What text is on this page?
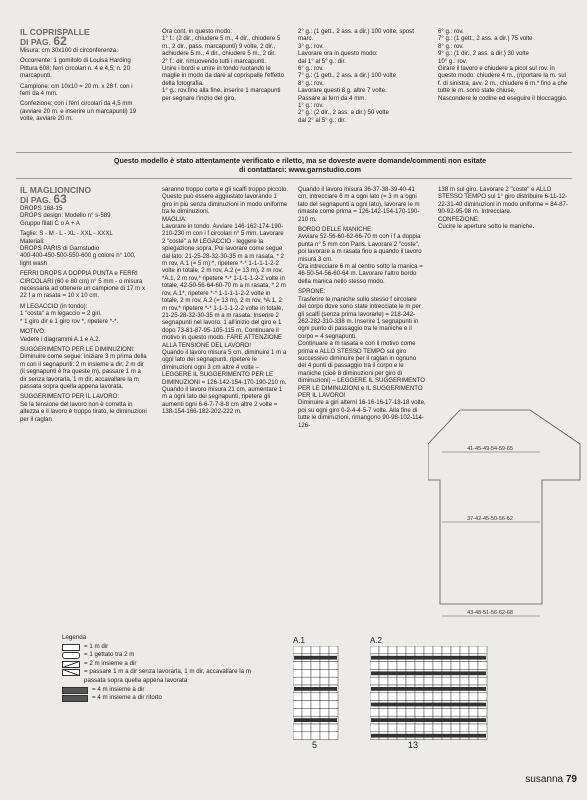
IL COPRISPALLE
DI PAG. 62

Misura: cm 30x100 di circonferenza.

Occorrente: 1 gomitolo di Louisa Harding Pittura 608; ferri circolari n. 4 e 4,5; n. 20 marcapunti.

Campione: cm 10x10 = 20 m. x 28 f. con i ferri da 4 mm.

Confezione: con i ferri circolari da 4,5 mm (avviare 20 m. e inserire un marcapunti) 19 volte, avviare 20 m.

Ora cont. in questo modo:
1° f.: (2 dir., chiudere 5 m., 4 dir., chiudere 5 m., 2 dir., pass. marcapunti) 9 volte, 2 dir., achiudere 5 m., 4 dir., chiudere 5 m., 2 dir.
2° f.: dir. rimuovendo tutti i marcapunti.
Unire i bordi e unire in tondo ruotando le maglie in modo da dare al coprispalle l'effetto della fotografia.
1° g.: rov.fino alla fine, inserire 1 marcapunti per segnare l'inizio del giro.

2° g.: (1 gett., 2 ass. a dir.) 100 volte, spost marc.
3° g.: rov.
Lavorare ora in questo modo:
dal 1° al 5° g.: dir.
6° g.: rov.
7° g.: (1 gett., 2 ass. a dir.) 100 volte
8° g.: rov.
Lavorare questi 8 g. altre 7 volte.
Passare ai ferri da 4 mm.
1° g.: rov.
2° g.: (2 dir., 2 ass. a dir.) 50 volte
dal 2° al 5° g.: dir.

6° g.: rov.
7° g.: (1 gett., 2 ass. a dir.) 75 volte
8° g.: rov.
9° g.: (1 dir., 2 ass. a dir.) 30 volte
10° g.: rov.
Girare il lavoro e chiudere a picot sul rov. in questo modo: chiudere 4 m., (riportare la m. sul f. di sinistra, avv. 2 m., chiudere 6 m.* fino a che tutte le m. sono state chiuse.
Nascondere le codine ed eseguire il bloccaggio.

Questo modello è stato attentamente verificato e riletto, ma se doveste avere domande/commenti non esitate
di contattarci: www.garnstudio.com
IL MAGLIONCINO
DI PAG. 63

DROPS 168-15
DROPS design: Modello n° s-589
Gruppo filati C o A + A

Taglie: S - M - L - XL - XXL - XXXL
Materiali:
DROPS PARIS di Garnstudio
400-400-450-500-550-600 g colore n° 100, light wash

FERRI DROPS A DOPPIA PUNTA e FERRI CIRCOLARI (60 e 80 cm) n° 5 mm - o misura necessaria ad ottenere un campione di 17 m x 22 f a m rasata = 10 x 10 cm.

M LEGACCIO (in tondo):
1 "costa" a m legaccio = 2 giri.
* 1 giro dir e 1 giro rov *, ripetere *-*.

MOTIVO:
Vedere i diagrammi A.1 e A.2.

SUGGERIMENTO PER LE DIMINUZIONI:
Diminuire come segue: iniziare 3 m prima della m con il segnapunti: 2 m insieme a dir, 2 m dir (il segnapunti è fra queste m), passare 1 m a dir senza lavorarla, 1 m dir, accavallare la m passata sopra quella appena lavorata.

SUGGERIMENTO PER IL LAVORO:
Se la tensione del lavoro non è corretta in altezza e il lavoro è troppo tirato, le diminuzioni per il raglan

saranno troppo corte e gli scalfi troppo piccolo.
Questo può essere aggiustato lavorando 1 giro in più senza diminuzioni in modo uniforme tra le diminuzioni.
MAGLIA:
Lavorare in tondo. Avviare 146-162-174-190-210-230 m con i f circolari n° 5 mm. Lavorare 2 "coste" a M LEGACCIO - leggere la spiegazione sopra. Poi lavorare come segue dal lato: 21-25-28-32-30-35 m a m rasata, * 2 m rov, A.1 (= 5 m) *, ripetere *-* 1-1-1-1-2-2 volte in totale, 2 m rov, A.2 (= 13 m), 2 m rov, *A.1, 2 m rov,* ripetere *-* 1-1-1-1-2-2 volte in totale, 42-50-56-64-60-70 m a m rasata, * 2 m rov, A.1*, ripetere *-* 1-1-1-1-2-2 volte in totale, 2 m rov, A.2 (= 13 m), 2 m rov, *A.1, 2 m rov,* ripetere *-* 1-1-1-1-2-2 volte in totale, 21-25-28-32-30-35 m a m rasata. Inserire 2 segnapunti nel lavoro: 1 all'inizio del giro e 1 dopo 73-81-87-95-105-115 m. Continuare il motivo in questo modo. FARE ATTENZIONE ALLA TENSIONE DEL LAVORO!
Quando il lavoro misura 5 cm, diminuire 1 m a ogni lato dei segnapunti, ripetere le diminuzioni ogni 3 cm altre 4 volte – LEGGERE IL SUGGERIMENTO PER LE DIMINUZIONI = 126-142-154-170-190-210 m.
Quando il lavoro misura 21 cm, aumentare 1 m a ogni lato dei segnapunti, ripetere gli aumenti ogni 6-6-7-7-8-8 cm altre 2 volte = 138-154-166-182-202-222 m.

Quando il lavoro misura 36-37-38-39-40-41 cm, intrecciare 6 m a ogni lato (= 3 m a ogni lato del segnapunti a ogni lato), lavorare le m rimaste come prima = 126-142-154-170-190-210 m.

BORDO DELLE MANICHE:
Avviare 52-56-60-62-66-70 m con i f a doppia punta n° 5 mm con Paris. Lavorare 2 "coste", poi lavorare a m rasata fino a quando il lavoro misura 3 cm.
Ora intrecciare 6 m al centro sotto la manica = 46-50-54-56-60-64 m. Lavorare l'altro bordo della manica nello stesso modo.

SPRONE:
Trasferire le maniche sullo stesso f circolare del corpo dove sono state intrecciate le m per gli scalfi (senza prima lavorarle) = 218-242-262-282-310-338 m. Inserire 1 segnapunti in ogni punto di passaggio tra le maniche e il corpo = 4 segnapunti.
Continuare a m rasata e con il motivo come prima e ALLO STESSO TEMPO sul giro successivo diminuire per il raglan in ognuno dei 4 punti di passaggio tra il corpo e le maniche (cioè 8 diminuzioni per giro di diminuzioni) – LEGGERE IL SUGGERIMENTO PER LE DIMINUZIONI e IL SUGGERIMENTO PER IL LAVORO!
Diminuire a giri alterni 16-16-16-17-18-18 volte, poi su ogni giro 0-2-4-4-5-7 volte. Alla fine di tutte le diminuzioni, rimangono 90-98-102-114-126-

138 m sul giro. Lavorare 2 "coste" e ALLO STESSO TEMPO sul 1° giro distribuire 6-11-12-22-31-40 diminuzioni in modo uniforme = 84-87-90-92-95-98 m. Intrecciare.
CONFEZIONE:
Cucire le aperture sotto le maniche.

41-45-49-54-59-65
37-42-45-50-56-62
43-48-51-56-62-68
Legenda
= 1 m dir
= 1 gettato tra 2 m
= 2 m insieme a dir
= passare 1 m a dir senza lavorarla, 1 m dir, accavallare la m passata sopra quella appena lavorata
= 4 m insieme a dir
= 4 m insieme a dir ritorto
A.1	A.2
5	13
susanna 79
